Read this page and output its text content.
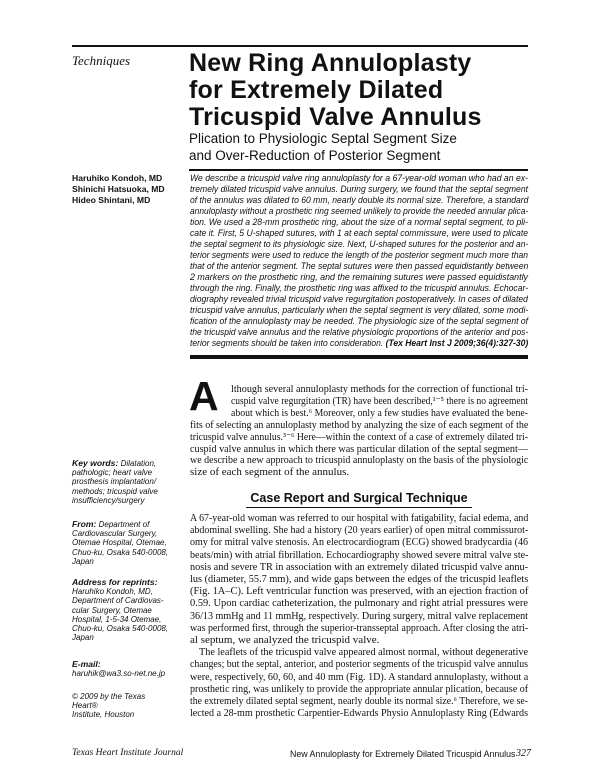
Techniques New Ring Annuloplasty
for Extremely Dilated
Tricuspid Valve Annulus
Plication to Physiologic Septal Segment Size
and Over-Reduction of Posterior Segment
Haruhiko Kondoh, MD
Shinichi Hatsuoka, MD
Hideo Shintani, MD
We describe a tricuspid valve ring annuloplasty for a 67-year-old woman who had an ex-
tremely dilated tricuspid valve annulus. During surgery, we found that the septal segment
of the annulus was dilated to 60 mm, nearly double its normal size. Therefore, a standard
annuloplasty without a prosthetic ring seemed unlikely to provide the needed annular plica-
tion. We used a 28-mm prosthetic ring, about the size of a normal septal segment, to pli-
cate it. First, 5 U-shaped sutures, with 1 at each septal commissure, were used to plicate
the septal segment to its physiologic size. Next, U-shaped sutures for the posterior and an-
terior segments were used to reduce the length of the posterior segment much more than
that of the anterior segment. The septal sutures were then passed equidistantly between
2 markers on the prosthetic ring, and the remaining sutures were passed equidistantly
through the ring. Finally, the prosthetic ring was affixed to the tricuspid annulus. Echocar-
diography revealed trivial tricuspid valve regurgitation postoperatively. In cases of dilated
tricuspid valve annulus, particularly when the septal segment is very dilated, some modi-
fication of the annuloplasty may be needed. The physiologic size of the septal segment of
the tricuspid valve annulus and the relative physiologic proportions of the anterior and pos-
terior segments should be taken into consideration. (Tex Heart Inst J 2009;36(4):327-30)
A lthough several annuloplasty methods for the correction of functional tri-
cuspid valve regurgitation (TR) have been described,¹⁻⁵ there is no agreement
about which is best.⁶ Moreover, only a few studies have evaluated the bene-
fits of selecting an annuloplasty method by analyzing the size of each segment of the
tricuspid valve annulus.³⁻⁶ Here—within the context of a case of extremely dilated tri-
cuspid valve annulus in which there was particular dilation of the septal segment—
we describe a new approach to tricuspid annuloplasty on the basis of the physiologic
size of each segment of the annulus.
Case Report and Surgical Technique
A 67-year-old woman was referred to our hospital with fatigability, facial edema, and
abdominal swelling. She had a history (20 years earlier) of open mitral commissurot-
omy for mitral valve stenosis. An electrocardiogram (ECG) showed bradycardia (46
beats/min) with atrial fibrillation. Echocardiography showed severe mitral valve ste-
nosis and severe TR in association with an extremely dilated tricuspid valve annu-
lus (diameter, 55.7 mm), and wide gaps between the edges of the tricuspid leaflets
(Fig. 1A–C). Left ventricular function was preserved, with an ejection fraction of
0.59. Upon cardiac catheterization, the pulmonary and right atrial pressures were
36/13 mmHg and 11 mmHg, respectively. During surgery, mitral valve replacement
was performed first, through the superior-transseptal approach. After closing the atri-
al septum, we analyzed the tricuspid valve.
The leaflets of the tricuspid valve appeared almost normal, without degenerative
changes; but the septal, anterior, and posterior segments of the tricuspid valve annulus
were, respectively, 60, 60, and 40 mm (Fig. 1D). A standard annuloplasty, without a
prosthetic ring, was unlikely to provide the appropriate annular plication, because of
the extremely dilated septal segment, nearly double its normal size.⁶ Therefore, we se-
lected a 28-mm prosthetic Carpentier-Edwards Physio Annuloplasty Ring (Edwards
Key words: Dilatation,
pathologic; heart valve
prosthesis implantation/
methods; tricuspid valve
insufficiency/surgery
From: Department of
Cardiovascular Surgery,
Otemae Hospital, Otemae,
Chuo-ku, Osaka 540-0008,
Japan
Address for reprints:
Haruhiko Kondoh, MD,
Department of Cardiovas-
cular Surgery, Otemae
Hospital, 1-5-34 Otemae,
Chuo-ku, Osaka 540-0008,
Japan
E-mail:
haruhik@wa3.so-net.ne.jp
© 2009 by the Texas Heart®
Institute, Houston
Texas Heart Institute Journal	New Annuloplasty for Extremely Dilated Tricuspid Annulus 327
